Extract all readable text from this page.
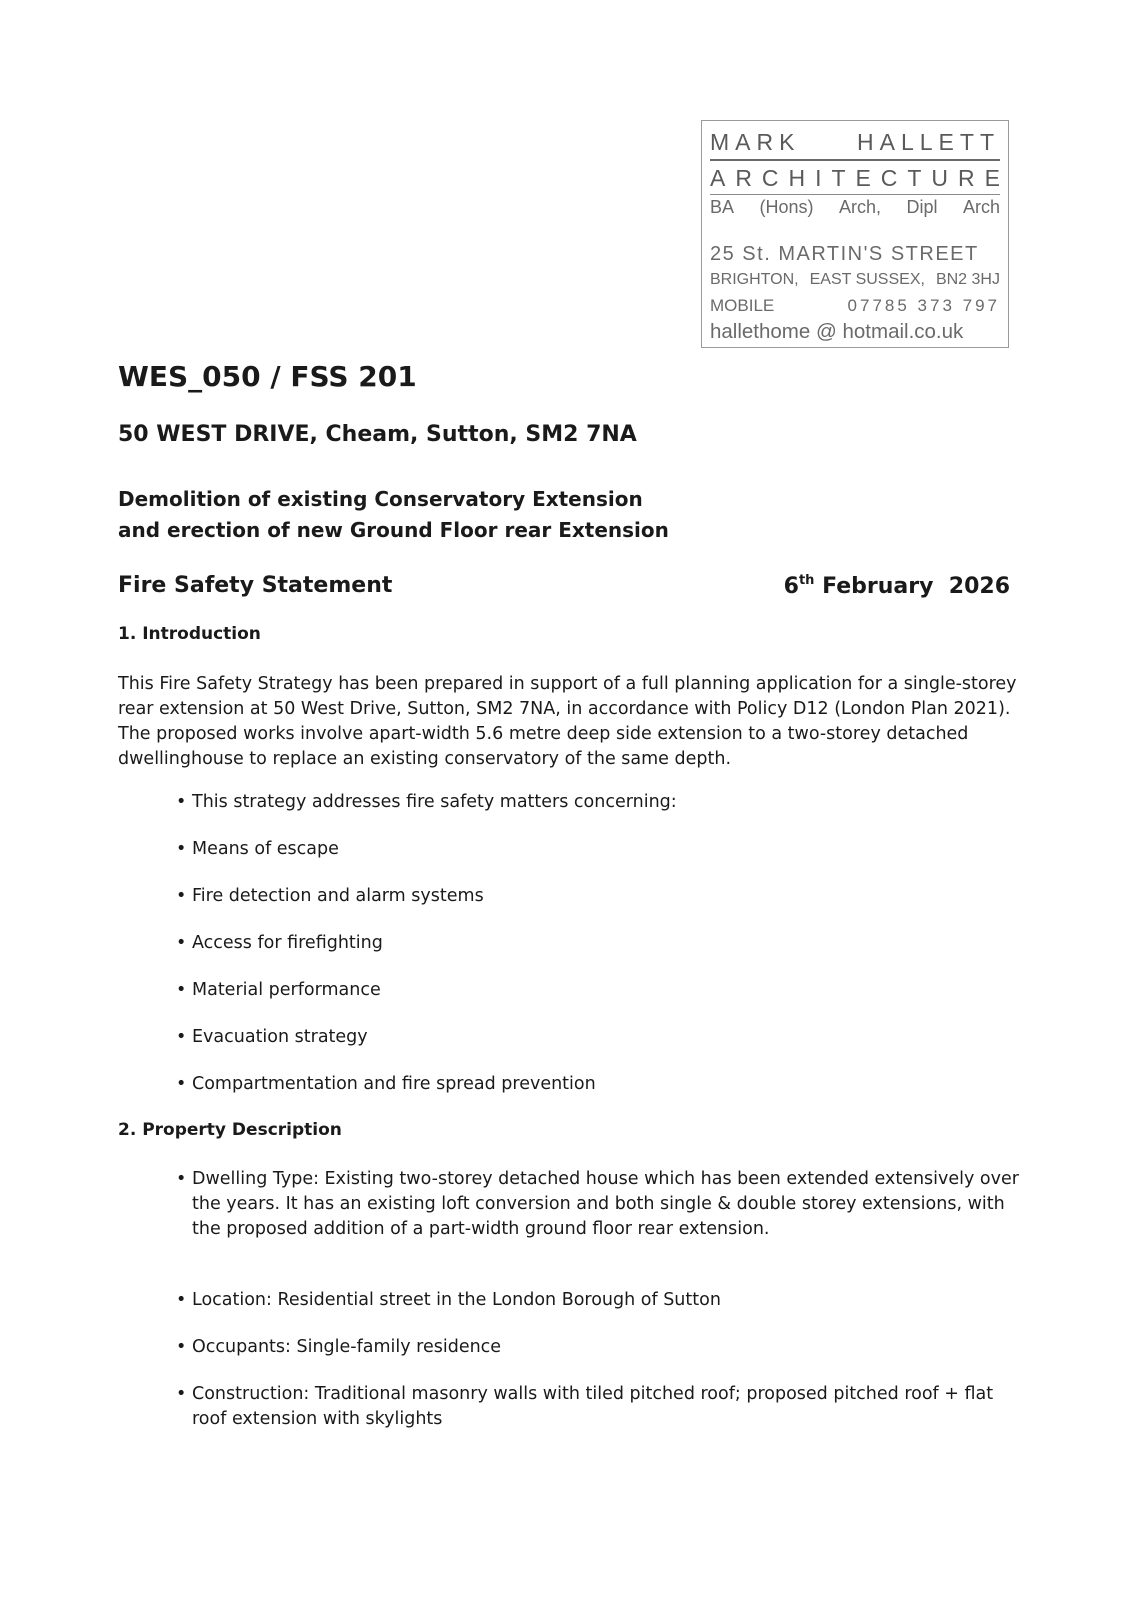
MARK HALLETT
A R C H I T E C T U R E
BA (Hons) Arch, Dipl Arch
25 St. MARTIN'S STREET
BRIGHTON, EAST SUSSEX, BN2 3HJ
MOBILE	07785 373 797
hallethome @ hotmail.co.uk
WES_050 / FSS 201
50 WEST DRIVE, Cheam, Sutton, SM2 7NA
Demolition of existing Conservatory Extension
and erection of new Ground Floor rear Extension
Fire Safety Statement	6th February  2026
1. Introduction
This Fire Safety Strategy has been prepared in support of a full planning application for a single-storey rear extension at 50 West Drive, Sutton, SM2 7NA, in accordance with Policy D12 (London Plan 2021). The proposed works involve apart-width 5.6 metre deep side extension to a two-storey detached dwellinghouse to replace an existing conservatory of the same depth.
• This strategy addresses fire safety matters concerning:
• Means of escape
• Fire detection and alarm systems
• Access for firefighting
• Material performance
• Evacuation strategy
• Compartmentation and fire spread prevention
2. Property Description
• Dwelling Type: Existing two-storey detached house which has been extended extensively over the years. It has an existing loft conversion and both single & double storey extensions, with the proposed addition of a part-width ground floor rear extension.
• Location: Residential street in the London Borough of Sutton
• Occupants: Single-family residence
• Construction: Traditional masonry walls with tiled pitched roof; proposed pitched roof + flat roof extension with skylights
